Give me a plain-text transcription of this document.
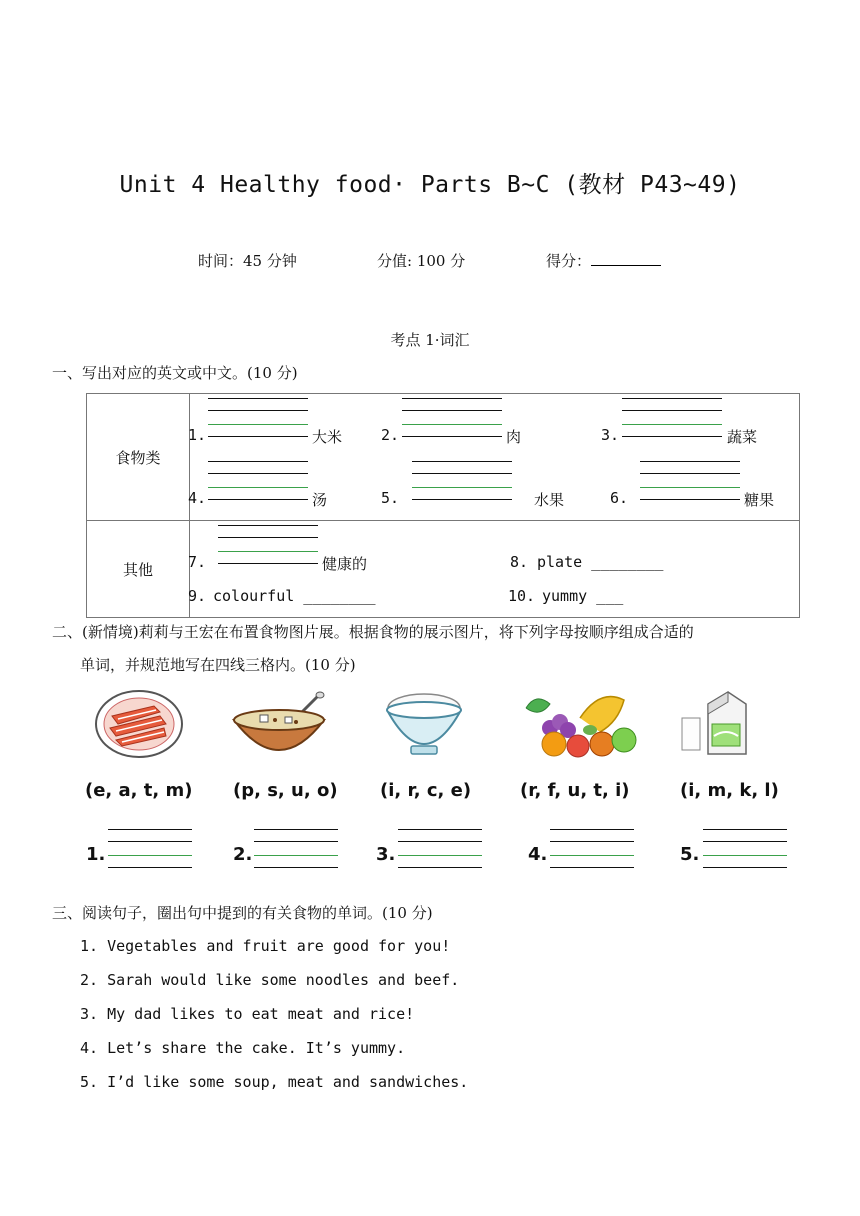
Unit 4 Healthy food· Parts B~C (教材 P43~49)
时间：45 分钟	分值: 100 分	得分：
考点 1·词汇
一、写出对应的英文或中文。(10 分)
食物类	
其他	
1.	大米	2.	肉	3.	蔬菜
4.	汤	5.	水果	6.	糖果
7.	健康的	8. plate ________
9. colourful ________	10. yummy ___
二、(新情境)莉莉与王宏在布置食物图片展。根据食物的展示图片，将下列字母按顺序组成合适的
单词，并规范地写在四线三格内。(10 分)
(e, a, t, m) (p, s, u, o) (i, r, c, e)	(r, f, u, t, i)	(i, m, k, l)
1.	2.	3.	4.	5.
三、阅读句子，圈出句中提到的有关食物的单词。(10 分)
1. Vegetables and fruit are good for you!
2. Sarah would like some noodles and beef.
3. My dad likes to eat meat and rice!
4. Let’s share the cake. It’s yummy.
5. I’d like some soup, meat and sandwiches.
